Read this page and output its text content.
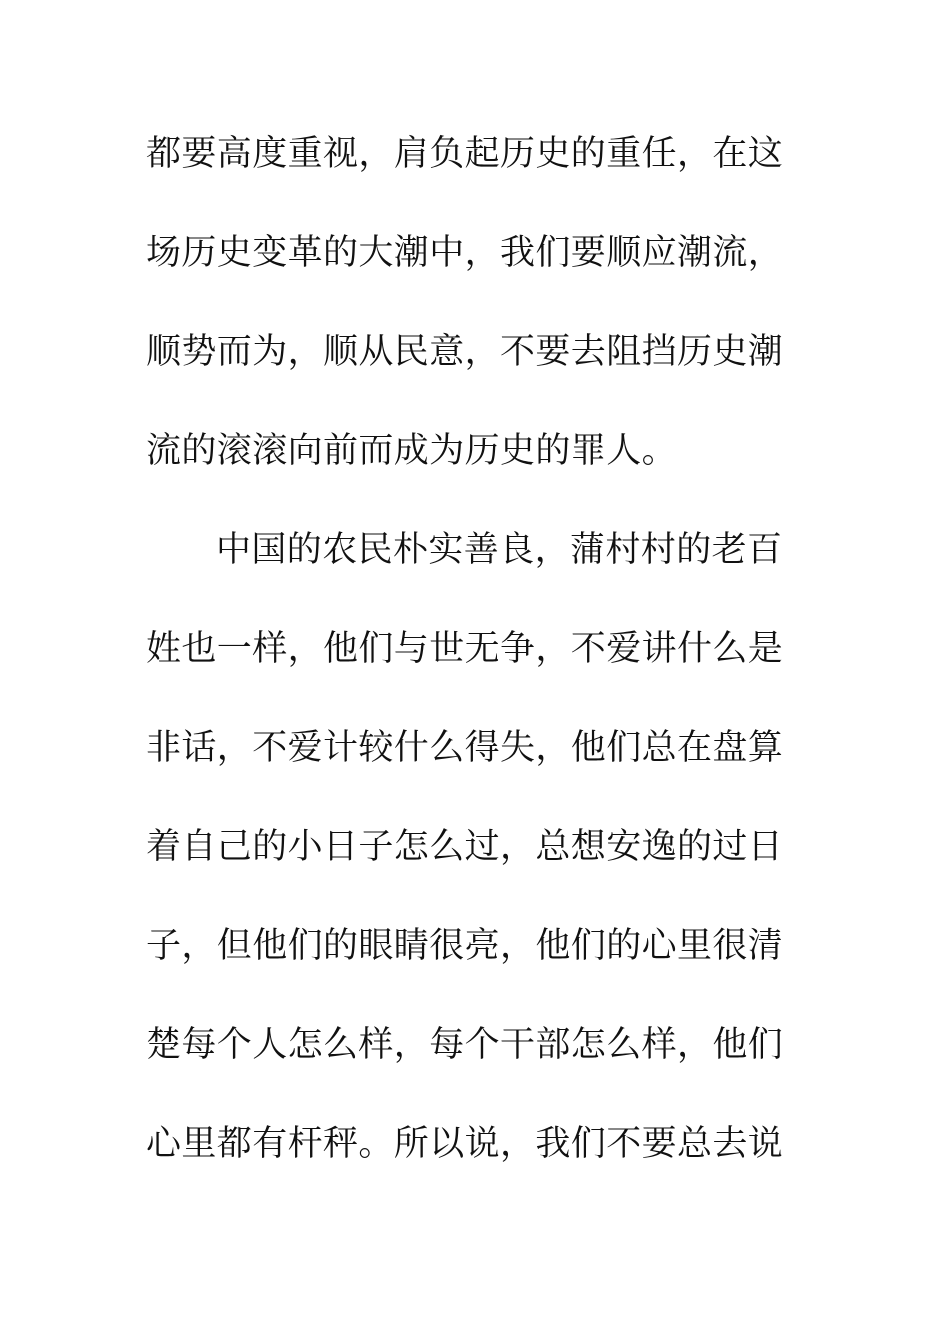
都要高度重视，肩负起历史的重任，在这
场历史变革的大潮中，我们要顺应潮流，
顺势而为，顺从民意，不要去阻挡历史潮
流的滚滚向前而成为历史的罪人。
中国的农民朴实善良，蒲村村的老百
姓也一样，他们与世无争，不爱讲什么是
非话，不爱计较什么得失，他们总在盘算
着自己的小日子怎么过，总想安逸的过日
子，但他们的眼睛很亮，他们的心里很清
楚每个人怎么样，每个干部怎么样，他们
心里都有杆秤。所以说，我们不要总去说
